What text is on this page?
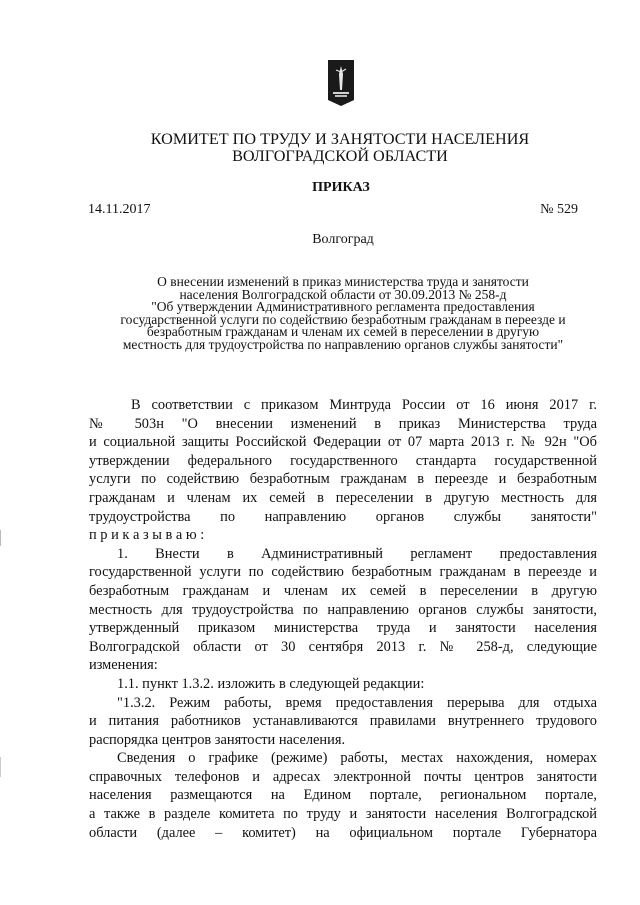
КОМИТЕТ ПО ТРУДУ И ЗАНЯТОСТИ НАСЕЛЕНИЯ
ВОЛГОГРАДСКОЙ ОБЛАСТИ
ПРИКАЗ
14.11.2017	№ 529
Волгоград
О внесении изменений в приказ министерства труда и занятости
населения Волгоградской области от 30.09.2013 № 258-д
"Об утверждении Административного регламента предоставления
государственной услуги по содействию безработным гражданам в переезде и
безработным гражданам и членам их семей в переселении в другую
местность для трудоустройства по направлению органов службы занятости"

В соответствии с приказом Минтруда России от 16 июня 2017 г.

№ 503н "О внесении изменений в приказ Министерства труда

и социальной защиты Российской Федерации от 07 марта 2013 г. № 92н "Об

утверждении федерального государственного стандарта государственной

услуги по содействию безработным гражданам в переезде и безработным

гражданам и членам их семей в переселении в другую местность для

трудоустройства по направлению органов службы занятости"

п р и к а з ы в а ю :

1. Внести в Административный регламент предоставления

государственной услуги по содействию безработным гражданам в переезде и

безработным гражданам и членам их семей в переселении в другую

местность для трудоустройства по направлению органов службы занятости,

утвержденный приказом министерства труда и занятости населения

Волгоградской области от 30 сентября 2013 г. № 258-д, следующие

изменения:

1.1. пункт 1.3.2. изложить в следующей редакции:

"1.3.2. Режим работы, время предоставления перерыва для отдыха

и питания работников устанавливаются правилами внутреннего трудового

распорядка центров занятости населения.

Сведения о графике (режиме) работы, местах нахождения, номерах

справочных телефонов и адресах электронной почты центров занятости

населения размещаются на Едином портале, региональном портале,

а также в разделе комитета по труду и занятости населения Волгоградской

области (далее – комитет) на официальном портале Губернатора
